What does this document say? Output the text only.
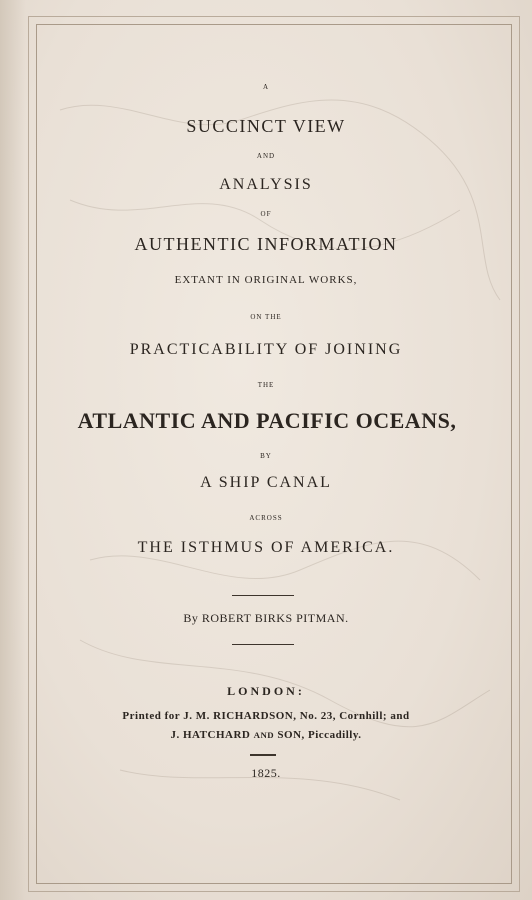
A
SUCCINCT VIEW
AND
ANALYSIS
OF
AUTHENTIC INFORMATION
EXTANT IN ORIGINAL WORKS,
ON THE
PRACTICABILITY OF JOINING
THE
ATLANTIC AND PACIFIC OCEANS,
BY
A SHIP CANAL
ACROSS
THE ISTHMUS OF AMERICA.
By ROBERT BIRKS PITMAN.
LONDON:
Printed for J. M. RICHARDSON, No. 23, Cornhill; and
J. HATCHARD AND SON, Piccadilly.
1825.
